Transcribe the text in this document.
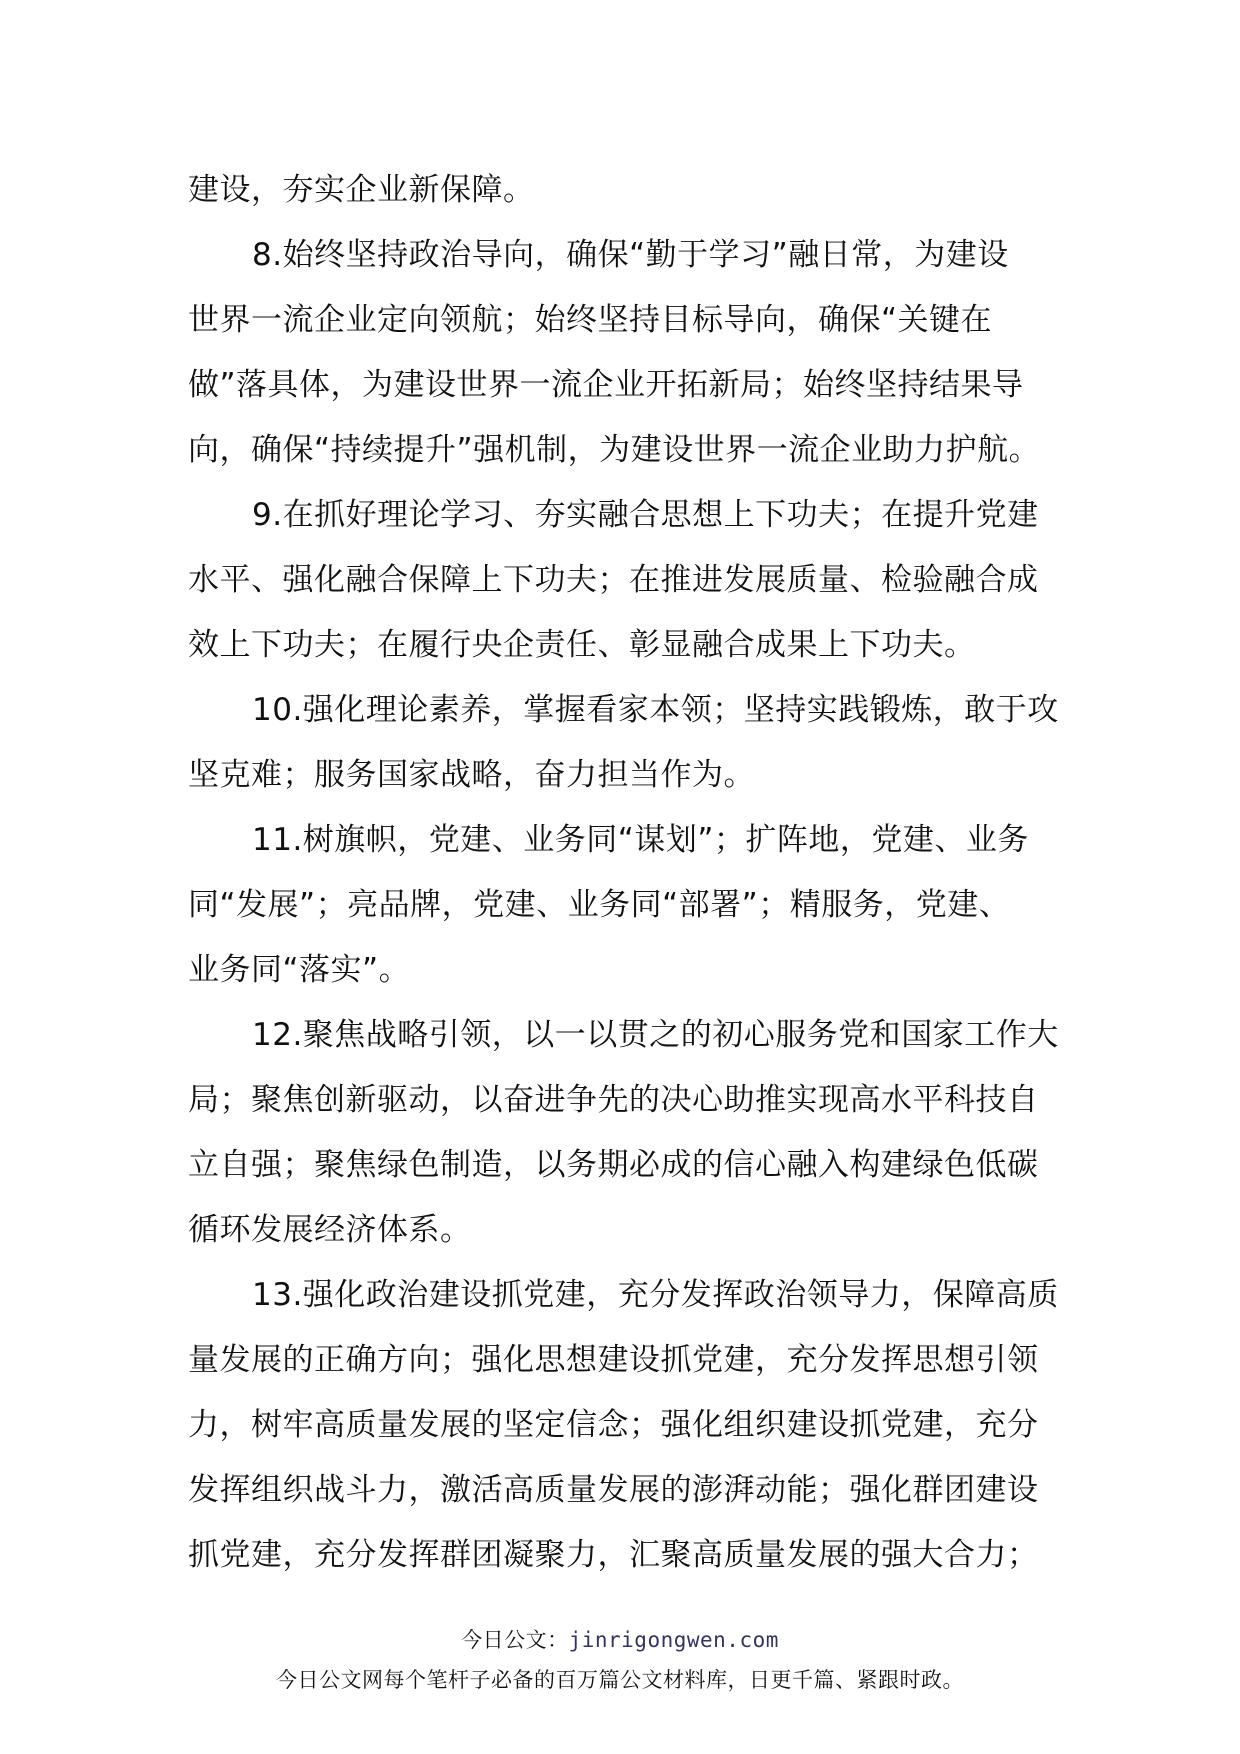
建设，夯实企业新保障。
8.始终坚持政治导向，确保“勤于学习”融日常，为建设
世界一流企业定向领航；始终坚持目标导向，确保“关键在
做”落具体，为建设世界一流企业开拓新局；始终坚持结果导
向，确保“持续提升”强机制，为建设世界一流企业助力护航。
9.在抓好理论学习、夯实融合思想上下功夫；在提升党建
水平、强化融合保障上下功夫；在推进发展质量、检验融合成
效上下功夫；在履行央企责任、彰显融合成果上下功夫。
10.强化理论素养，掌握看家本领；坚持实践锻炼，敢于攻
坚克难；服务国家战略，奋力担当作为。
11.树旗帜，党建、业务同“谋划”；扩阵地，党建、业务
同“发展”；亮品牌，党建、业务同“部署”；精服务，党建、
业务同“落实”。
12.聚焦战略引领，以一以贯之的初心服务党和国家工作大
局；聚焦创新驱动，以奋进争先的决心助推实现高水平科技自
立自强；聚焦绿色制造，以务期必成的信心融入构建绿色低碳
循环发展经济体系。
13.强化政治建设抓党建，充分发挥政治领导力，保障高质
量发展的正确方向；强化思想建设抓党建，充分发挥思想引领
力，树牢高质量发展的坚定信念；强化组织建设抓党建，充分
发挥组织战斗力，激活高质量发展的澎湃动能；强化群团建设
抓党建，充分发挥群团凝聚力，汇聚高质量发展的强大合力；
今日公文：jinrigongwen.com
今日公文网每个笔杆子必备的百万篇公文材料库，日更千篇、紧跟时政。
